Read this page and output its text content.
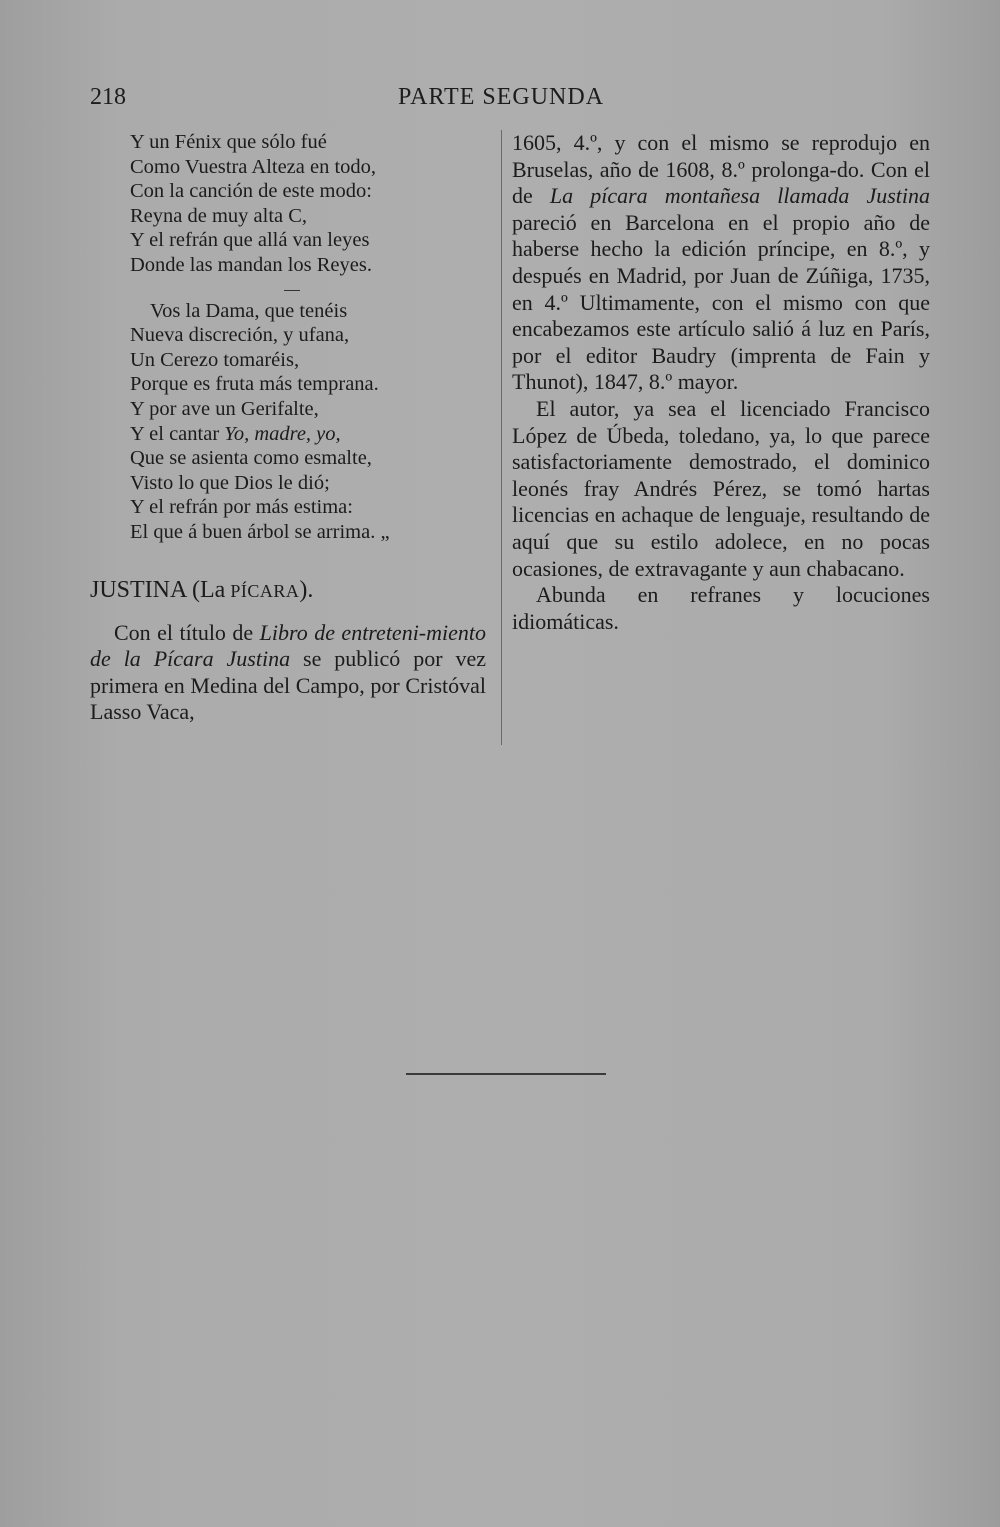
218	PARTE SEGUNDA
Y un Fénix que sólo fué
Como Vuestra Alteza en todo,
Con la canción de este modo:
Reyna de muy alta C,
Y el refrán que allá van leyes
Donde las mandan los Reyes.
Vos la Dama, que tenéis
Nueva discreción, y ufana,
Un Cerezo tomaréis,
Porque es fruta más temprana.
Y por ave un Gerifalte,
Y el cantar Yo, madre, yo,
Que se asienta como esmalte,
Visto lo que Dios le dió;
Y el refrán por más estima:
El que á buen árbol se arrima. „
JUSTINA (La PÍCARA).

Con el título de Libro de entreteni-miento de la Pícara Justina se publicó por vez primera en Medina del Campo, por Cristóval Lasso Vaca,

1605, 4.º, y con el mismo se reprodujo en Bruselas, año de 1608, 8.º prolonga-do. Con el de La pícara montañesa llamada Justina pareció en Barcelona en el propio año de haberse hecho la edición príncipe, en 8.º, y después en Madrid, por Juan de Zúñiga, 1735, en 4.º Ultimamente, con el mismo con que encabezamos este artículo salió á luz en París, por el editor Baudry (imprenta de Fain y Thunot), 1847, 8.º mayor.

El autor, ya sea el licenciado Francisco López de Úbeda, toledano, ya, lo que parece satisfactoriamente demostrado, el dominico leonés fray Andrés Pérez, se tomó hartas licencias en achaque de lenguaje, resultando de aquí que su estilo adolece, en no pocas ocasiones, de extravagante y aun chabacano.

Abunda en refranes y locuciones idiomáticas.
